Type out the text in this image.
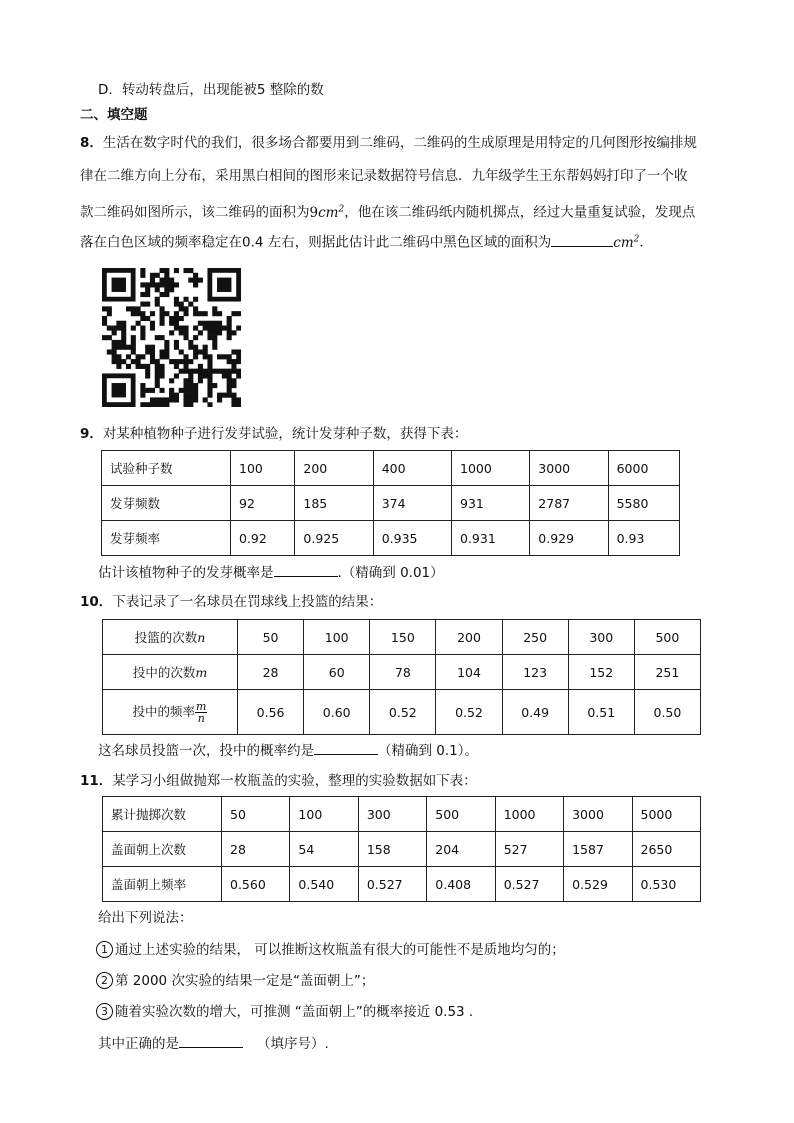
D．转动转盘后，出现能被5 整除的数
二、填空题
8．生活在数字时代的我们，很多场合都要用到二维码，二维码的生成原理是用特定的几何图形按编排规
律在二维方向上分布，采用黑白相间的图形来记录数据符号信息．九年级学生王东帮妈妈打印了一个收
款二维码如图所示，该二维码的面积为$9cm^2$，他在该二维码纸内随机掷点，经过大量重复试验，发现点
落在白色区域的频率稳定在0.4 左右，则据此估计此二维码中黑色区域的面积为	$cm^2$．
9．对某种植物种子进行发芽试验，统计发芽种子数，获得下表：
试验种子数	100	200	400	1000	3000	6000
发芽频数	92	185	374	931	2787	5580
发芽频率	0.92	0.925	0.935	0.931	0.929	0.93
估计该植物种子的发芽概率是	.（精确到 0.01）
10．下表记录了一名球员在罚球线上投篮的结果：
投篮的次数n	50	100	150	200	250	300	500
投中的次数m	28	60	78	104	123	152	251
投中的频率 $\frac{m}{n}$	0.56	0.60	0.52	0.52	0.49	0.51	0.50
这名球员投篮一次，投中的概率约是	（精确到 0.1）。
11．某学习小组做抛郑一枚瓶盖的实验，整理的实验数据如下表：
累计抛掷次数	50	100	300	500	1000	3000	5000
盖面朝上次数	28	54	158	204	527	1587	2650
盖面朝上频率	0.560	0.540	0.527	0.408	0.527	0.529	0.530
给出下列说法：
1 通过上述实验的结果， 可以推断这枚瓶盖有很大的可能性不是质地均匀的；
2 第 2000 次实验的结果一定是“盖面朝上”；
3 随着实验次数的增大，可推测 “盖面朝上”的概率接近 0.53 .
其中正确的是	（填序号）.
